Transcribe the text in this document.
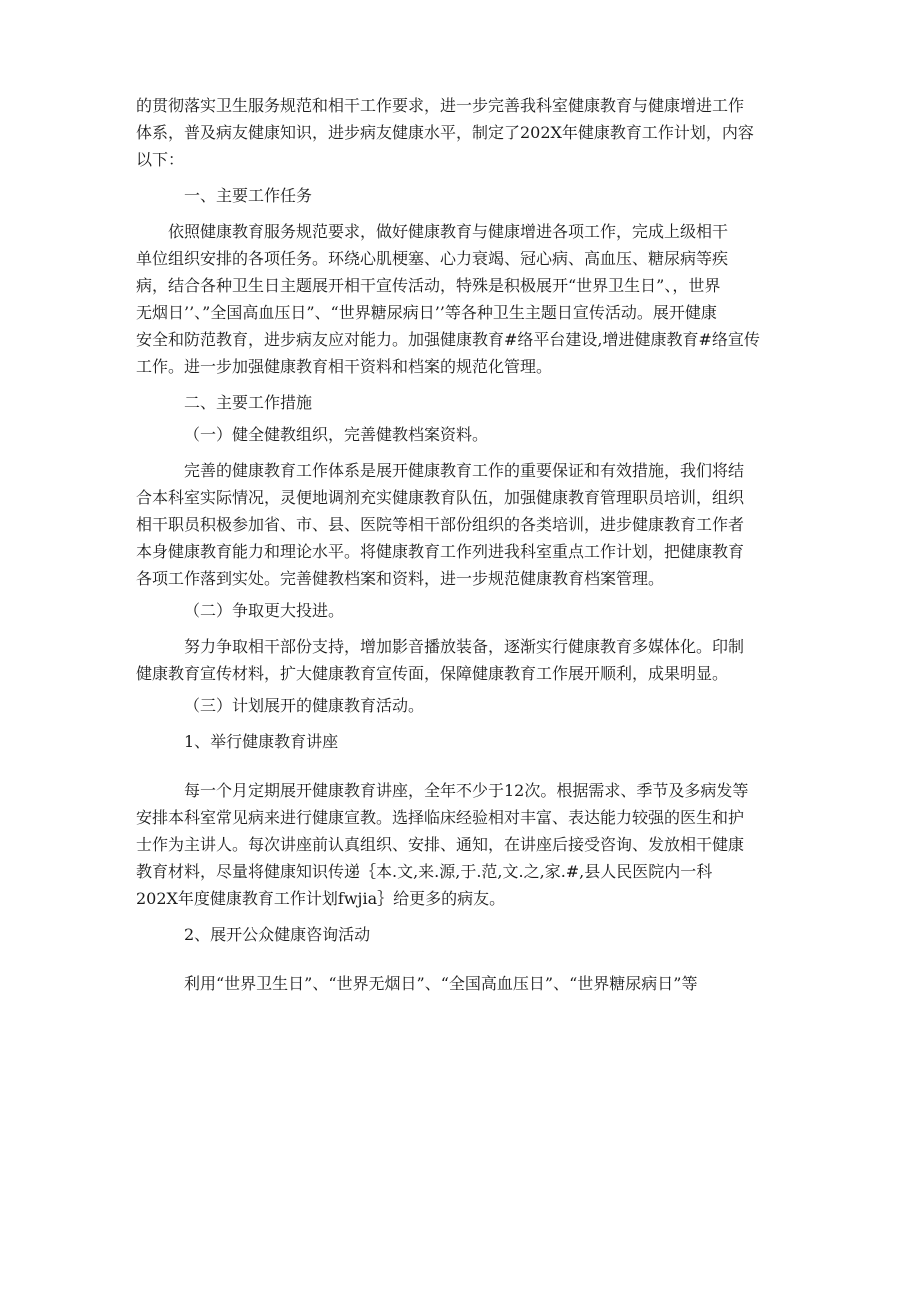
的贯彻落实卫生服务规范和相干工作要求，进一步完善我科室健康教育与健康增进工作

体系，普及病友健康知识，进步病友健康水平，制定了202X年健康教育工作计划，内容

以下：

一、主要工作任务

依照健康教育服务规范要求，做好健康教育与健康增进各项工作，完成上级相干

单位组织安排的各项任务。环绕心肌梗塞、心力衰竭、冠心病、高血压、糖尿病等疾

病，结合各种卫生日主题展开相干宣传活动，特殊是积极展开“世界卫生日”、，世界

无烟日’’、”全国高血压日”、“世界糖尿病日’’等各种卫生主题日宣传活动。展开健康

安全和防范教育，进步病友应对能力。加强健康教育#络平台建设,增进健康教育#络宣传

工作。进一步加强健康教育相干资料和档案的规范化管理。

二、主要工作措施

（一）健全健教组织，完善健教档案资料。

完善的健康教育工作体系是展开健康教育工作的重要保证和有效措施，我们将结

合本科室实际情况，灵便地调剂充实健康教育队伍，加强健康教育管理职员培训，组织

相干职员积极参加省、市、县、医院等相干部份组织的各类培训，进步健康教育工作者

本身健康教育能力和理论水平。将健康教育工作列进我科室重点工作计划，把健康教育

各项工作落到实处。完善健教档案和资料，进一步规范健康教育档案管理。

（二）争取更大投进。

努力争取相干部份支持，增加影音播放装备，逐渐实行健康教育多媒体化。印制

健康教育宣传材料，扩大健康教育宣传面，保障健康教育工作展开顺利，成果明显。

（三）计划展开的健康教育活动。

1、举行健康教育讲座

每一个月定期展开健康教育讲座，全年不少于12次。根据需求、季节及多病发等

安排本科室常见病来进行健康宣教。选择临床经验相对丰富、表达能力较强的医生和护

士作为主讲人。每次讲座前认真组织、安排、通知，在讲座后接受咨询、发放相干健康

教育材料，尽量将健康知识传递｛本.文,来.源,于.范,文.之,家.#,县人民医院内一科

202X年度健康教育工作计划fwjia｝给更多的病友。

2、展开公众健康咨询活动

利用“世界卫生日”、“世界无烟日”、“全国高血压日”、“世界糖尿病日”等
